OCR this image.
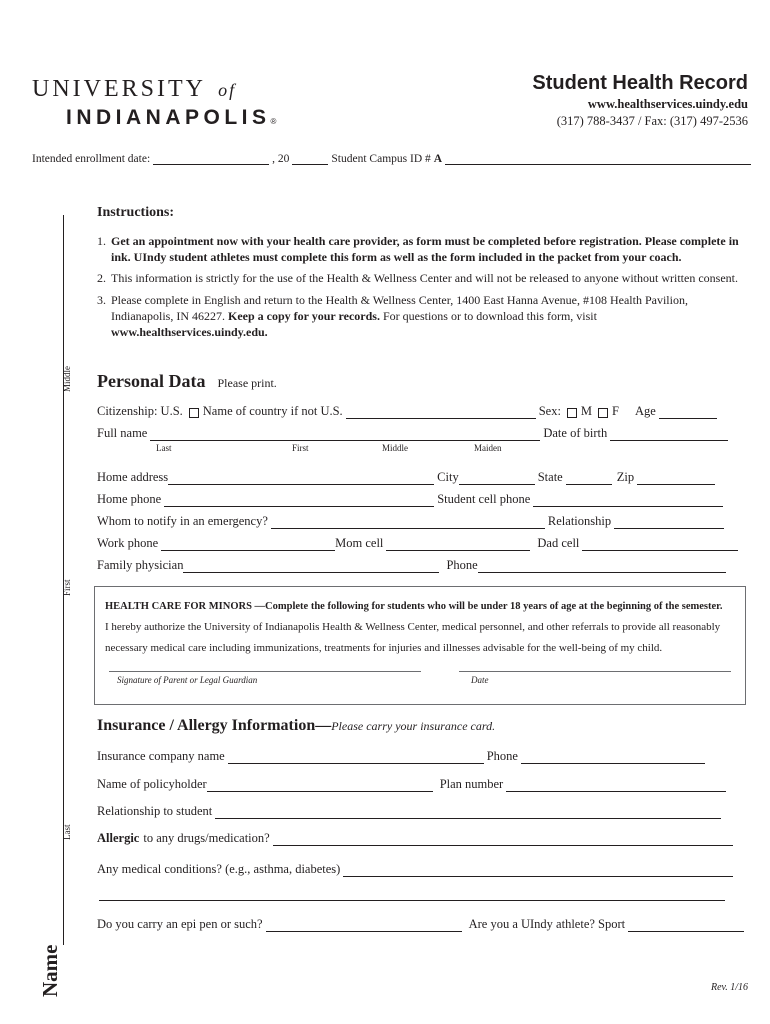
UNIVERSITY of
INDIANAPOLIS®
Student Health Record
www.healthservices.uindy.edu
(317) 788-3437 / Fax: (317) 497-2536
Intended enrollment date:	, 20	Student Campus ID # A
Middle
First
Last
Name
Instructions:
1. Get an appointment now with your health care provider, as form must be completed before registration. Please complete in ink. UIndy student athletes must complete this form as well as the form included in the packet from your coach.
2. This information is strictly for the use of the Health & Wellness Center and will not be released to anyone without written consent.
3. Please complete in English and return to the Health & Wellness Center, 1400 East Hanna Avenue, #108 Health Pavilion, Indianapolis, IN 46227. Keep a copy for your records. For questions or to download this form, visit www.healthservices.uindy.edu.
Personal Data Please print.
Citizenship: U.S. Name of country if not U.S.	Sex: M F Age
Full name	Date of birth
Last	First	Middle	Maiden
Home address	City	State	Zip
Home phone	Student cell phone
Whom to notify in an emergency?	Relationship
Work phone	Mom cell	Dad cell
Family physician	Phone
HEALTH CARE FOR MINORS —Complete the following for students who will be under 18 years of age at the beginning of the semester.
I hereby authorize the University of Indianapolis Health & Wellness Center, medical personnel, and other referrals to provide all reasonably
necessary medical care including immunizations, treatments for injuries and illnesses advisable for the well-being of my child.
Signature of Parent or Legal Guardian	Date
Insurance / Allergy Information—Please carry your insurance card.
Insurance company name	Phone
Name of policyholder	Plan number
Relationship to student
Allergic to any drugs/medication?
Any medical conditions? (e.g., asthma, diabetes)
Do you carry an epi pen or such?	Are you a UIndy athlete? Sport
Rev. 1/16
